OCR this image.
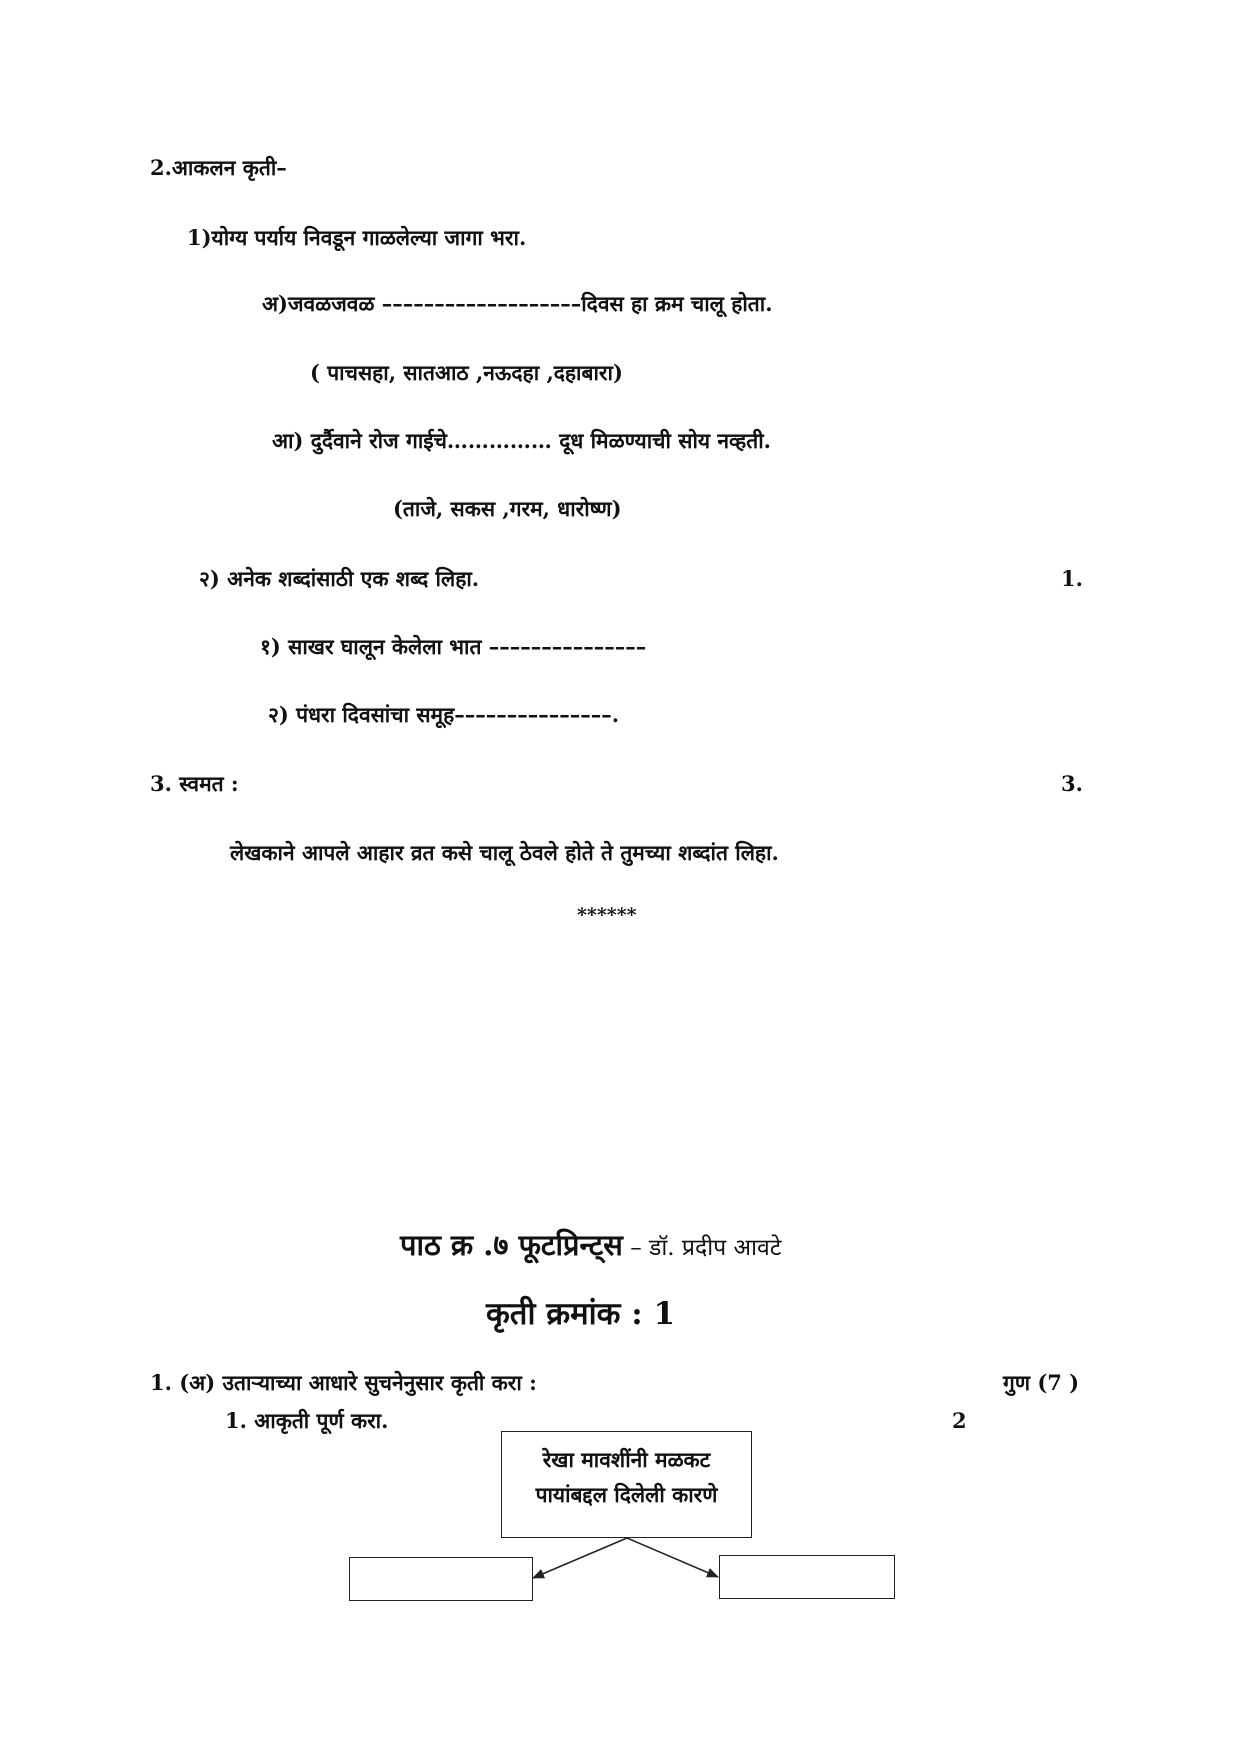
2.आकलन कृती–
1)योग्य पर्याय निवडून गाळलेल्या जागा भरा.
अ)जवळजवळ –––––––––––––––––––दिवस हा क्रम चालू होता.
( पाचसहा, सातआठ ,नऊदहा ,दहाबारा)
आ) दुर्दैवाने रोज गाईचे…………… दूध मिळण्याची सोय नव्हती.
(ताजे, सकस ,गरम, धारोष्ण)
२) अनेक शब्दांसाठी एक शब्द लिहा.	1.
१) साखर घालून केलेला भात –––––––––––––––
२) पंधरा दिवसांचा समूह–––––––––––––––.
3. स्वमत :	3.
लेखकाने आपले आहार व्रत कसे चालू ठेवले होते ते तुमच्या शब्दांत लिहा.
******
पाठ क्र .७ फूटप्रिन्ट्स – डॉ. प्रदीप आवटे
कृती क्रमांक : 1
1. (अ) उताऱ्याच्या आधारे सुचनेनुसार कृती करा :	गुण (7 )
1. आकृती पूर्ण करा.	2
रेखा मावशींनी मळकट
पायांबद्दल दिलेली कारणे
